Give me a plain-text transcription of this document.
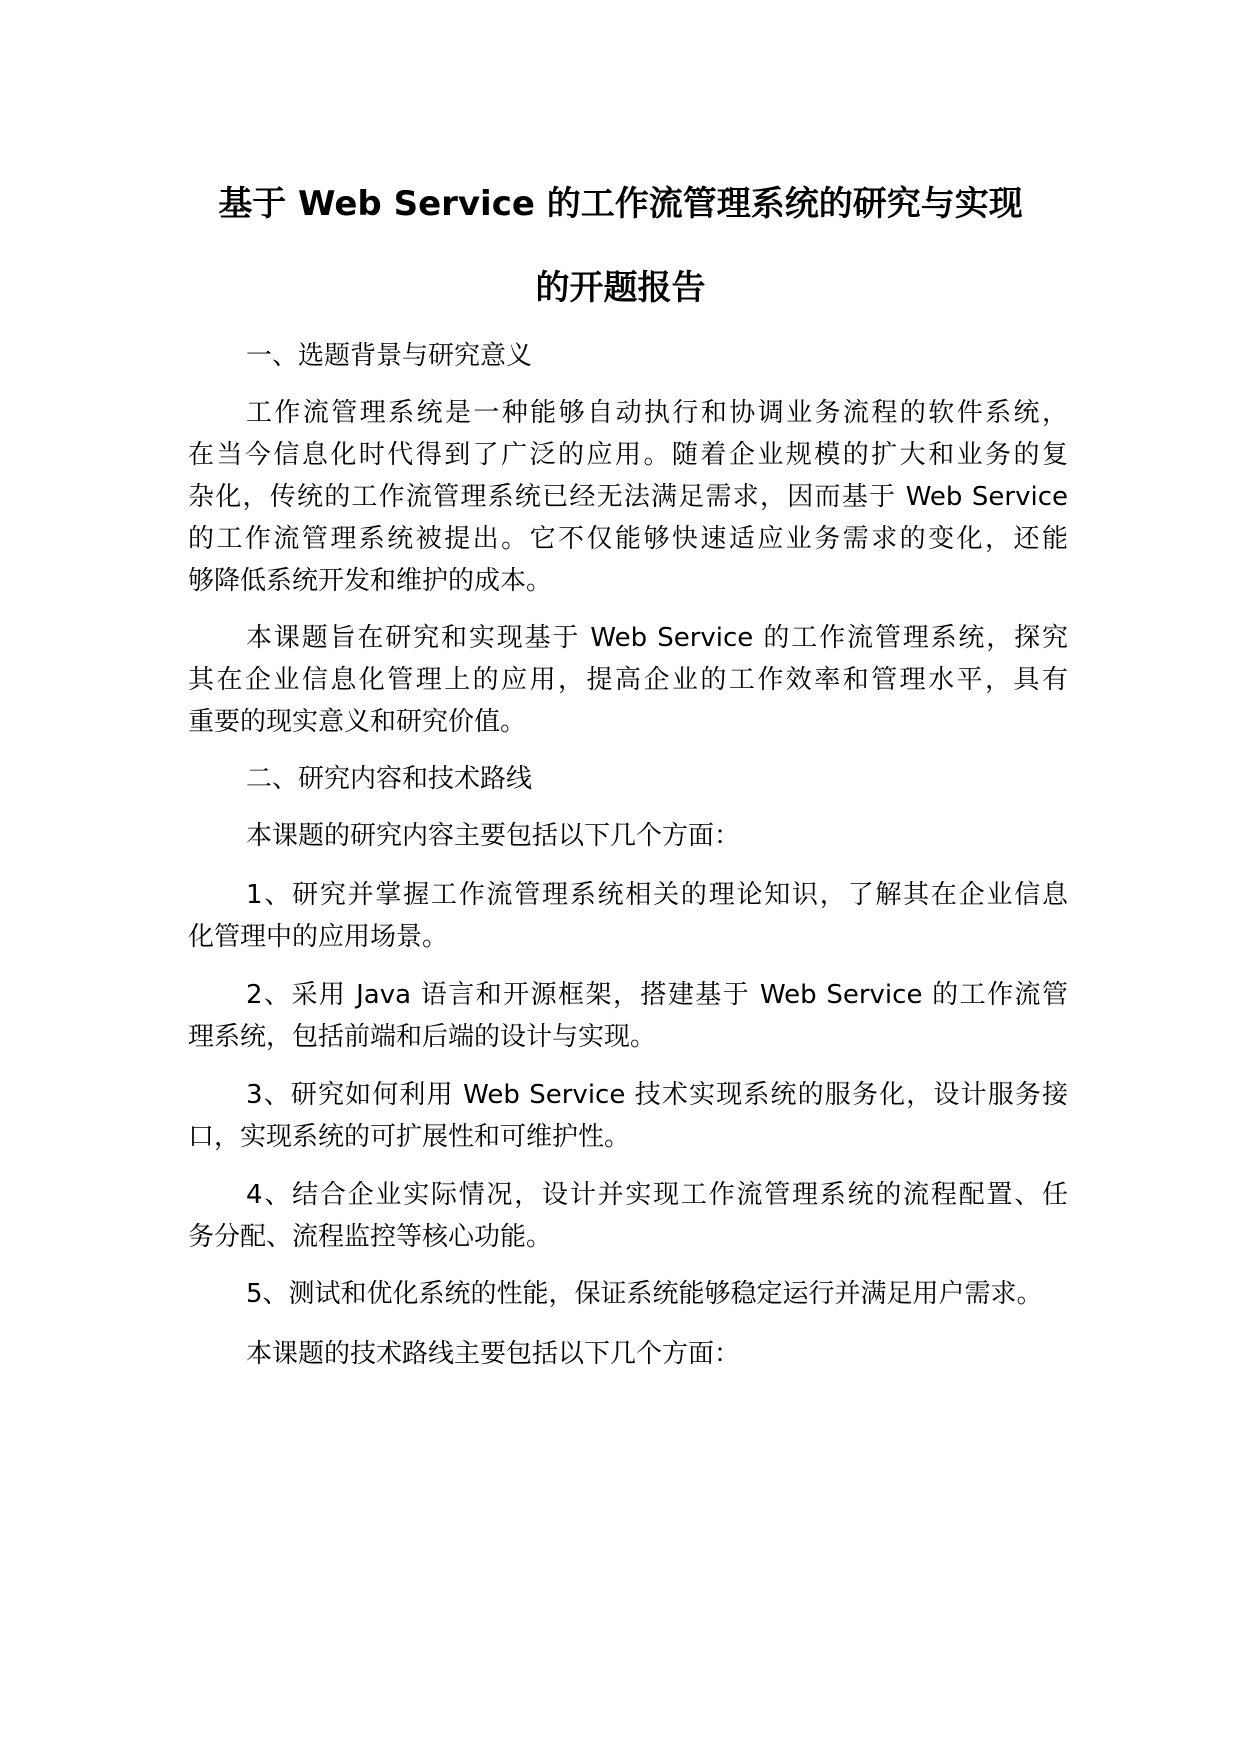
基于 Web Service 的工作流管理系统的研究与实现
的开题报告
一、选题背景与研究意义
工作流管理系统是一种能够自动执行和协调业务流程的软件系统，
在当今信息化时代得到了广泛的应用。随着企业规模的扩大和业务的复
杂化，传统的工作流管理系统已经无法满足需求，因而基于 Web Service
的工作流管理系统被提出。它不仅能够快速适应业务需求的变化，还能
够降低系统开发和维护的成本。
本课题旨在研究和实现基于 Web Service 的工作流管理系统，探究
其在企业信息化管理上的应用，提高企业的工作效率和管理水平，具有
重要的现实意义和研究价值。
二、研究内容和技术路线
本课题的研究内容主要包括以下几个方面：
1、研究并掌握工作流管理系统相关的理论知识，了解其在企业信息
化管理中的应用场景。
2、采用 Java 语言和开源框架，搭建基于 Web Service 的工作流管
理系统，包括前端和后端的设计与实现。
3、研究如何利用 Web Service 技术实现系统的服务化，设计服务接
口，实现系统的可扩展性和可维护性。
4、结合企业实际情况，设计并实现工作流管理系统的流程配置、任
务分配、流程监控等核心功能。
5、测试和优化系统的性能，保证系统能够稳定运行并满足用户需求。
本课题的技术路线主要包括以下几个方面：
